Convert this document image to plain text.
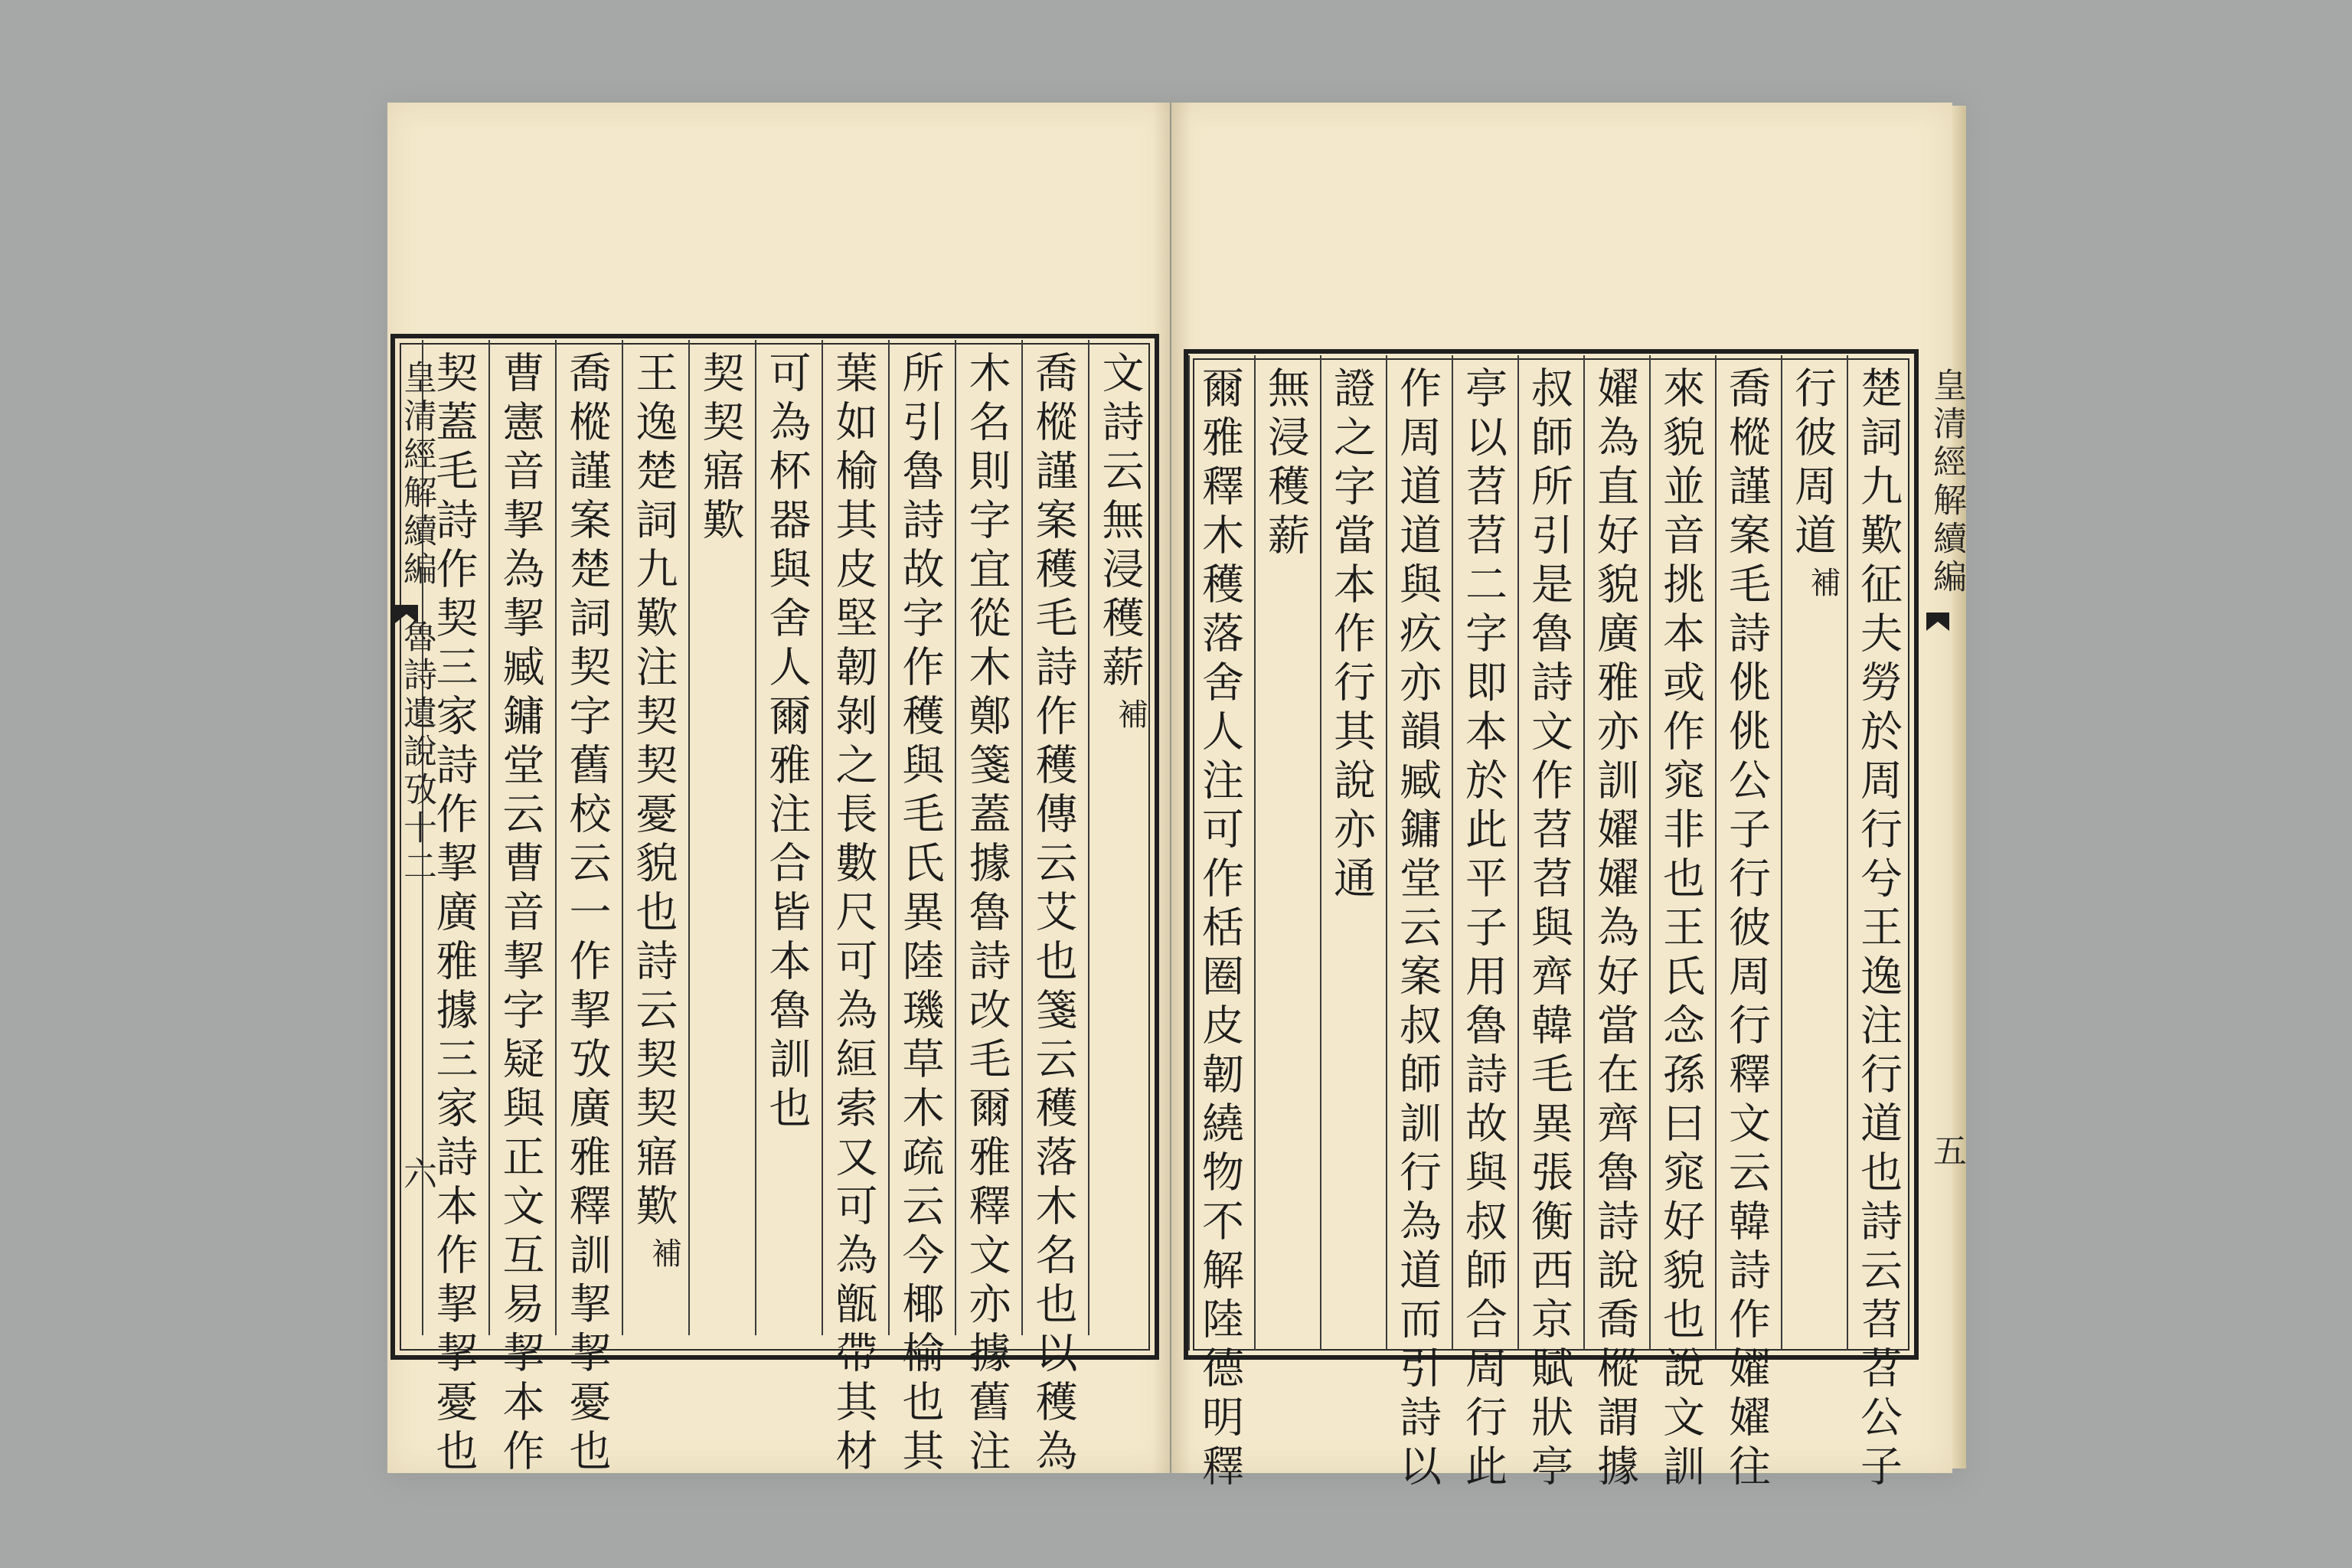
文詩云無浸穫薪
補
喬樅謹案穫毛詩作穫傳云艾也箋云穫落木名也以穫為
木名則字宜從木鄭箋蓋據魯詩改毛爾雅釋文亦據舊注
所引魯詩故字作穫與毛氏異陸璣草木疏云今椰榆也其
葉如榆其皮堅韌剝之長數尺可為絙索又可為甑帶其材
可為杯器與舍人爾雅注合皆本魯訓也
契契寤歎
王逸楚詞九歎注契契憂貌也詩云契契寤歎
補
喬樅謹案楚詞契字舊校云一作挈攷廣雅釋訓挈挈憂也
曹憲音挈為挈臧鏞堂云曹音挈字疑與正文互易挈本作
契蓋毛詩作契三家詩作挈廣雅據三家詩本作挈挈憂也	楚詞九歎征夫勞於周行兮王逸注行道也詩云苕苕公子
行彼周道
補
喬樅謹案毛詩佻佻公子行彼周行釋文云韓詩作嬥嬥往
來貌並音挑本或作窕非也王氏念孫曰窕好貌也說文訓
嬥為直好貌廣雅亦訓嬥嬥為好當在齊魯詩說喬樅謂據
叔師所引是魯詩文作苕苕與齊韓毛異張衡西京賦狀亭
亭以苕苕二字即本於此平子用魯詩故與叔師合周行此
作周道道與疚亦韻臧鏞堂云案叔師訓行為道而引詩以
證之字當本作行其說亦通
無浸穫薪
爾雅釋木穫落舍人注可作栝圈皮韌繞物不解陸德明釋
皇清經解續編
魯詩遺說攷十二
六
皇清經解續編
五
